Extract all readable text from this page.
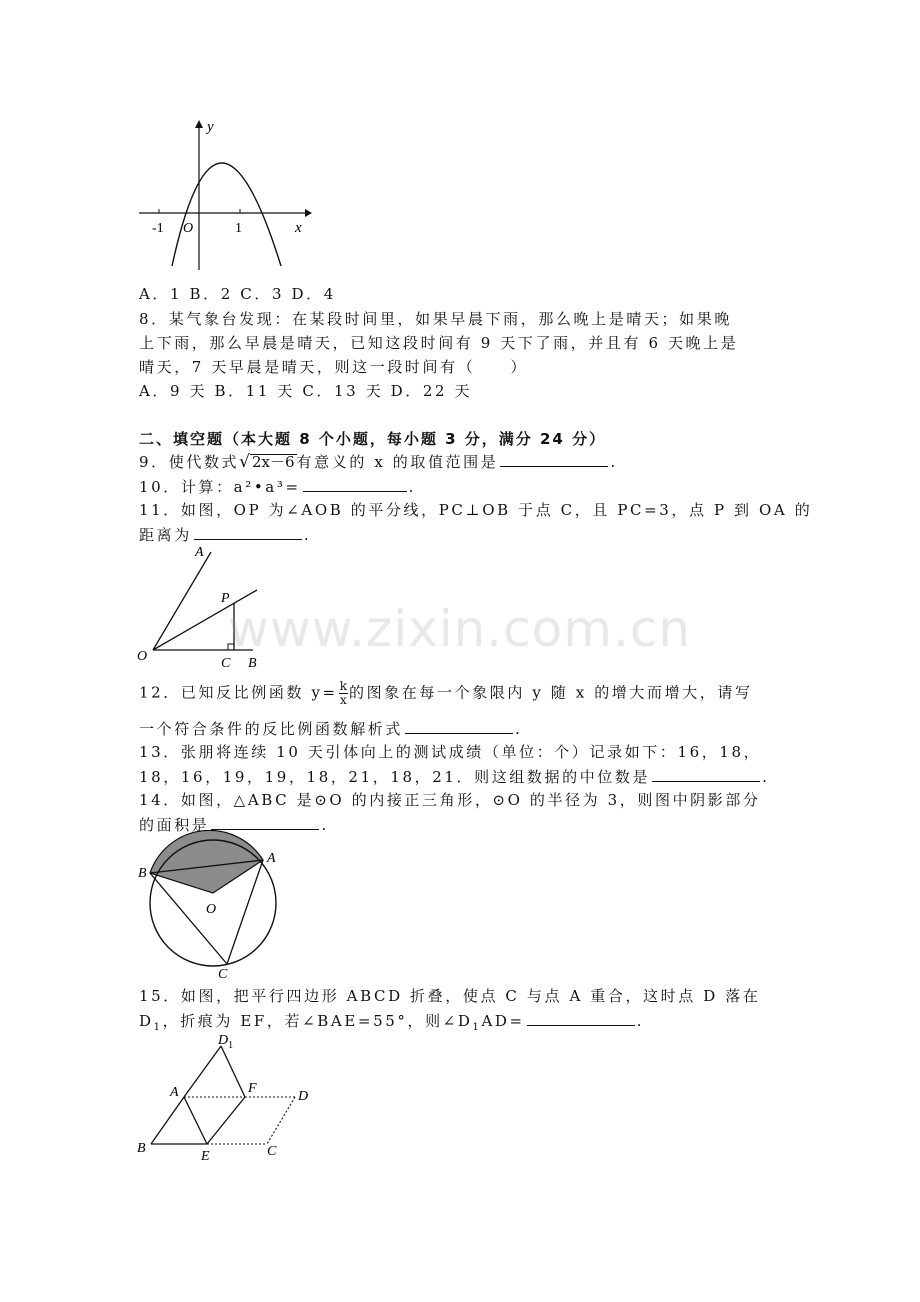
y
x
-1 O	1
A．1 B．2 C．3 D．4
8．某气象台发现：在某段时间里，如果早晨下雨，那么晚上是晴天；如果晚
上下雨，那么早晨是晴天，已知这段时间有 9 天下了雨，并且有 6 天晚上是
晴天，7 天早晨是晴天，则这一段时间有（　　）
A．9 天 B．11 天 C．13 天 D．22 天
二、填空题（本大题 8 个小题，每小题 3 分，满分 24 分）
9．使代数式√ 2x－6 有意义的 x 的取值范围是	.
10．计算：a²•a³=	.
11．如图，OP 为∠AOB 的平分线，PC⊥OB 于点 C，且 PC=3，点 P 到 OA 的
距离为	.
A
P
O	C B
12．已知反比例函数 $y= \frac{k}{x}$ 的图象在每一个象限内 y 随 x 的增大而增大，请写
一个符合条件的反比例函数解析式	.
13．张朋将连续 10 天引体向上的测试成绩（单位：个）记录如下：16，18，
18，16，19，19，18，21，18，21．则这组数据的中位数是	.
14．如图，△ABC 是⊙O 的内接正三角形，⊙O 的半径为 3，则图中阴影部分
的面积是	.
B
A
O
C
15．如图，把平行四边形 ABCD 折叠，使点 C 与点 A 重合，这时点 D 落在
$D_1$，折痕为 EF，若∠BAE=55°，则$\angle D_1AD=$	.
$D_1$
A	F
D
B
E	C
www.zixin.com.cn
